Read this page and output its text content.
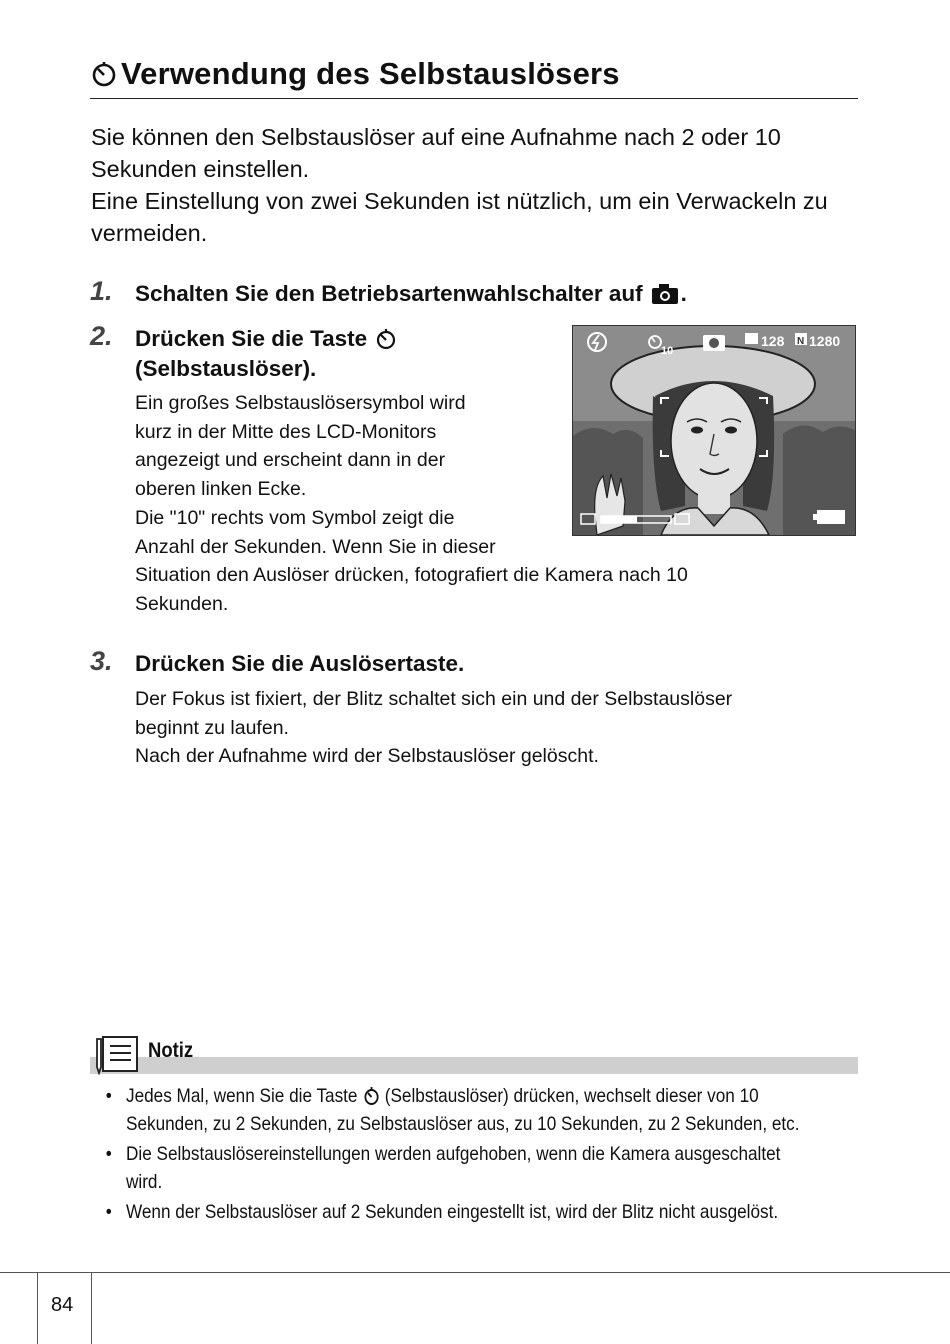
Verwendung des Selbstauslösers

Sie können den Selbstauslöser auf eine Aufnahme nach 2 oder 10 Sekunden einstellen.

Eine Einstellung von zwei Sekunden ist nützlich, um ein Verwackeln zu vermeiden.

1. Schalten Sie den Betriebsartenwahlschalter auf .
2. Drücken Sie die Taste
(Selbstauslöser).
Ein großes Selbstauslösersymbol wird
kurz in der Mitte des LCD-Monitors
angezeigt und erscheint dann in der
oberen linken Ecke.
Die "10" rechts vom Symbol zeigt die
Anzahl der Sekunden. Wenn Sie in dieser
Situation den Auslöser drücken, fotografiert die Kamera nach 10
Sekunden.
10
128 N 1280
3. Drücken Sie die Auslösertaste.
Der Fokus ist fixiert, der Blitz schaltet sich ein und der Selbstauslöser
beginnt zu laufen.
Nach der Aufnahme wird der Selbstauslöser gelöscht.
Notiz
• Jedes Mal, wenn Sie die Taste (Selbstauslöser) drücken, wechselt dieser von 10
Sekunden, zu 2 Sekunden, zu Selbstauslöser aus, zu 10 Sekunden, zu 2 Sekunden, etc.
• Die Selbstauslösereinstellungen werden aufgehoben, wenn die Kamera ausgeschaltet
wird.
• Wenn der Selbstauslöser auf 2 Sekunden eingestellt ist, wird der Blitz nicht ausgelöst.
84
